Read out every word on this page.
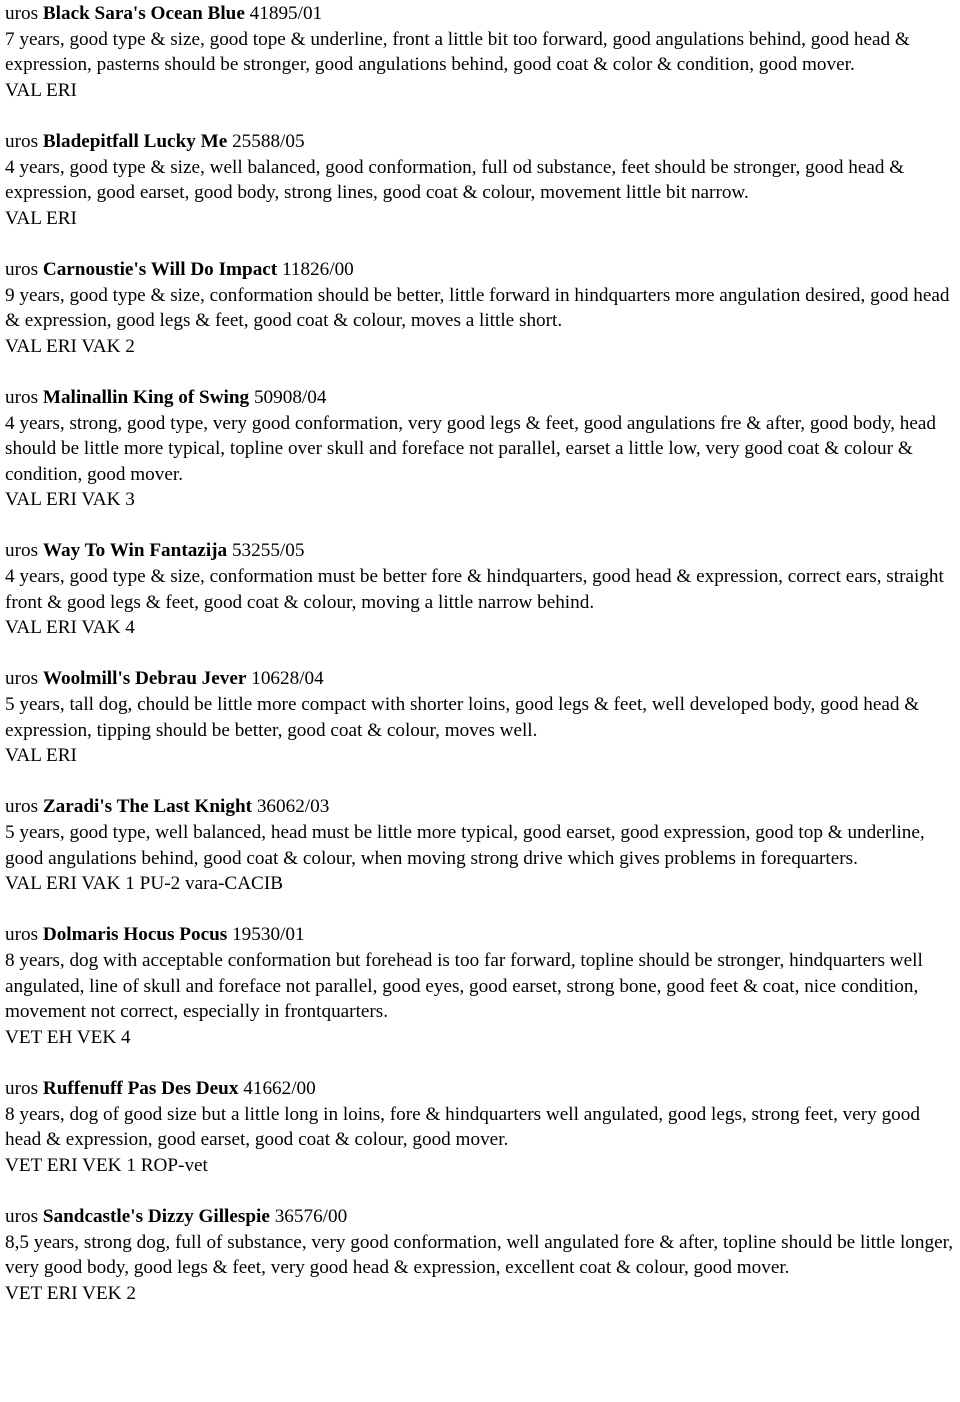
uros Black Sara's Ocean Blue 41895/01

7 years, good type & size, good tope & underline, front a little bit too forward, good angulations behind, good head & expression, pasterns should be stronger, good angulations behind, good coat & color & condition, good mover.

VAL ERI

uros Bladepitfall Lucky Me 25588/05

4 years, good type & size, well balanced, good conformation, full od substance, feet should be stronger, good head & expression, good earset, good body, strong lines, good coat & colour, movement little bit narrow.

VAL ERI

uros Carnoustie's Will Do Impact 11826/00

9 years, good type & size, conformation should be better, little forward in hindquarters more angulation desired, good head & expression, good legs & feet, good coat & colour, moves a little short.

VAL ERI VAK 2

uros Malinallin King of Swing 50908/04

4 years, strong, good type, very good conformation, very good legs & feet, good angulations fre & after, good body, head should be little more typical, topline over skull and foreface not parallel, earset a little low, very good coat & colour & condition, good mover.

VAL ERI VAK 3

uros Way To Win Fantazija 53255/05

4 years, good type & size, conformation must be better fore & hindquarters, good head & expression, correct ears, straight front & good legs & feet, good coat & colour, moving a little narrow behind.

VAL ERI VAK 4

uros Woolmill's Debrau Jever 10628/04

5 years, tall dog, chould be little more compact with shorter loins, good legs & feet, well developed body, good head & expression, tipping should be better, good coat & colour, moves well.

VAL ERI

uros Zaradi's The Last Knight 36062/03

5 years, good type, well balanced, head must be little more typical, good earset, good expression, good top & underline, good angulations behind, good coat & colour, when moving strong drive which gives problems in forequarters.

VAL ERI VAK 1 PU-2 vara-CACIB

uros Dolmaris Hocus Pocus 19530/01

8 years, dog with acceptable conformation but forehead is too far forward, topline should be stronger, hindquarters well angulated, line of skull and foreface not parallel, good eyes, good earset, strong bone, good feet & coat, nice condition, movement not correct, especially in frontquarters.

VET EH VEK 4

uros Ruffenuff Pas Des Deux 41662/00

8 years, dog of good size but a little long in loins, fore & hindquarters well angulated, good legs, strong feet, very good head & expression, good earset, good coat & colour, good mover.

VET ERI VEK 1 ROP-vet

uros Sandcastle's Dizzy Gillespie 36576/00

8,5 years, strong dog, full of substance, very good conformation, well angulated fore & after, topline should be little longer, very good body, good legs & feet, very good head & expression, excellent coat & colour, good mover.

VET ERI VEK 2
